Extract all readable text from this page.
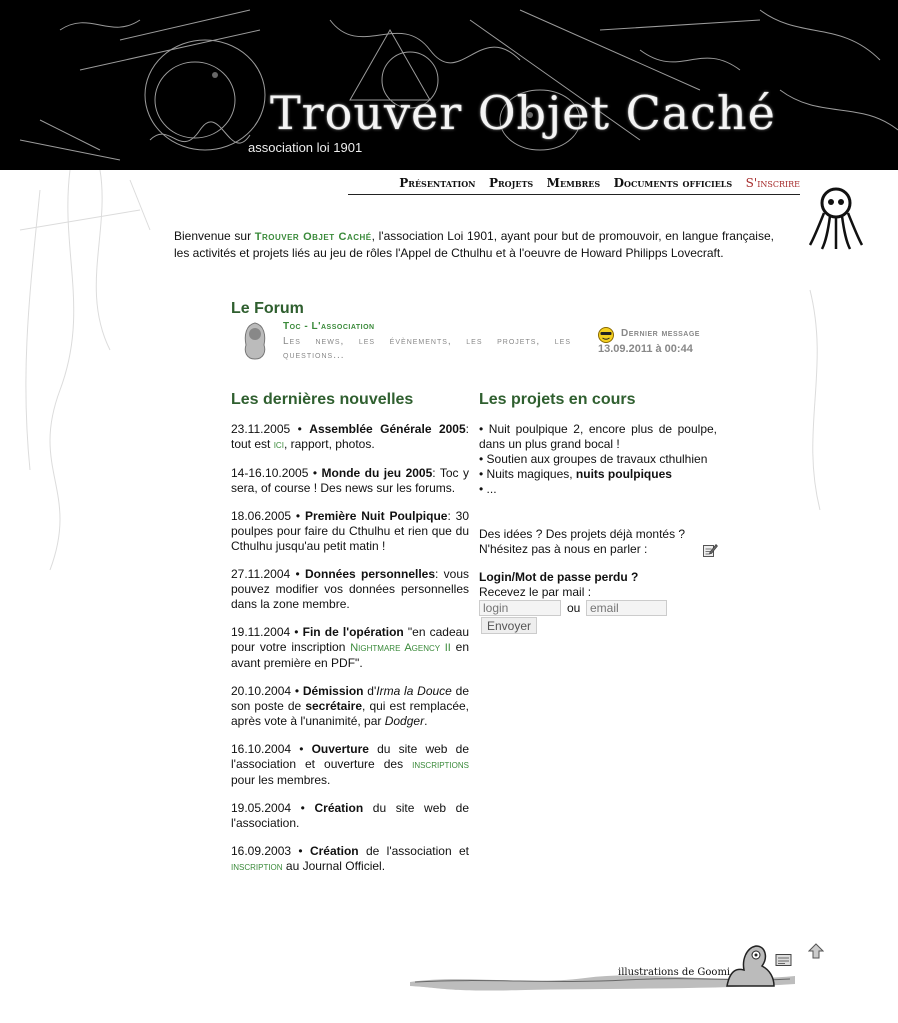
Trouver Objet Caché
association loi 1901
Présentation Projets Membres Documents officiels S'inscrire
Bienvenue sur Trouver Objet Caché, l'association Loi 1901, ayant pour but de promouvoir, en langue française, les activités et projets liés au jeu de rôles l'Appel de Cthulhu et à l'oeuvre de Howard Philipps Lovecraft.
Le Forum
Toc - L'association
Les news, les évènements, les projets, les questions...
Dernier message
13.09.2011 à 00:44
Les dernières nouvelles
23.11.2005 • Assemblée Générale 2005: tout est ici, rapport, photos.
14-16.10.2005 • Monde du jeu 2005: Toc y sera, of course ! Des news sur les forums.
18.06.2005 • Première Nuit Poulpique: 30 poulpes pour faire du Cthulhu et rien que du Cthulhu jusqu'au petit matin !
27.11.2004 • Données personnelles: vous pouvez modifier vos données personnelles dans la zone membre.
19.11.2004 • Fin de l'opération "en cadeau pour votre inscription Nightmare Agency II en avant première en PDF".
20.10.2004 • Démission d'Irma la Douce de son poste de secrétaire, qui est remplacée, après vote à l'unanimité, par Dodger.
16.10.2004 • Ouverture du site web de l'association et ouverture des inscriptions pour les membres.
19.05.2004 • Création du site web de l'association.
16.09.2003 • Création de l'association et inscription au Journal Officiel.
Les projets en cours
• Nuit poulpique 2, encore plus de poulpe, dans un plus grand bocal !
• Soutien aux groupes de travaux cthulhien
• Nuits magiques, nuits poulpiques
• ...
Des idées ? Des projets déjà montés ? N'hésitez pas à nous en parler :
Login/Mot de passe perdu ?
Recevez le par mail :
login
ou
email
Envoyer
illustrations de Goomi
